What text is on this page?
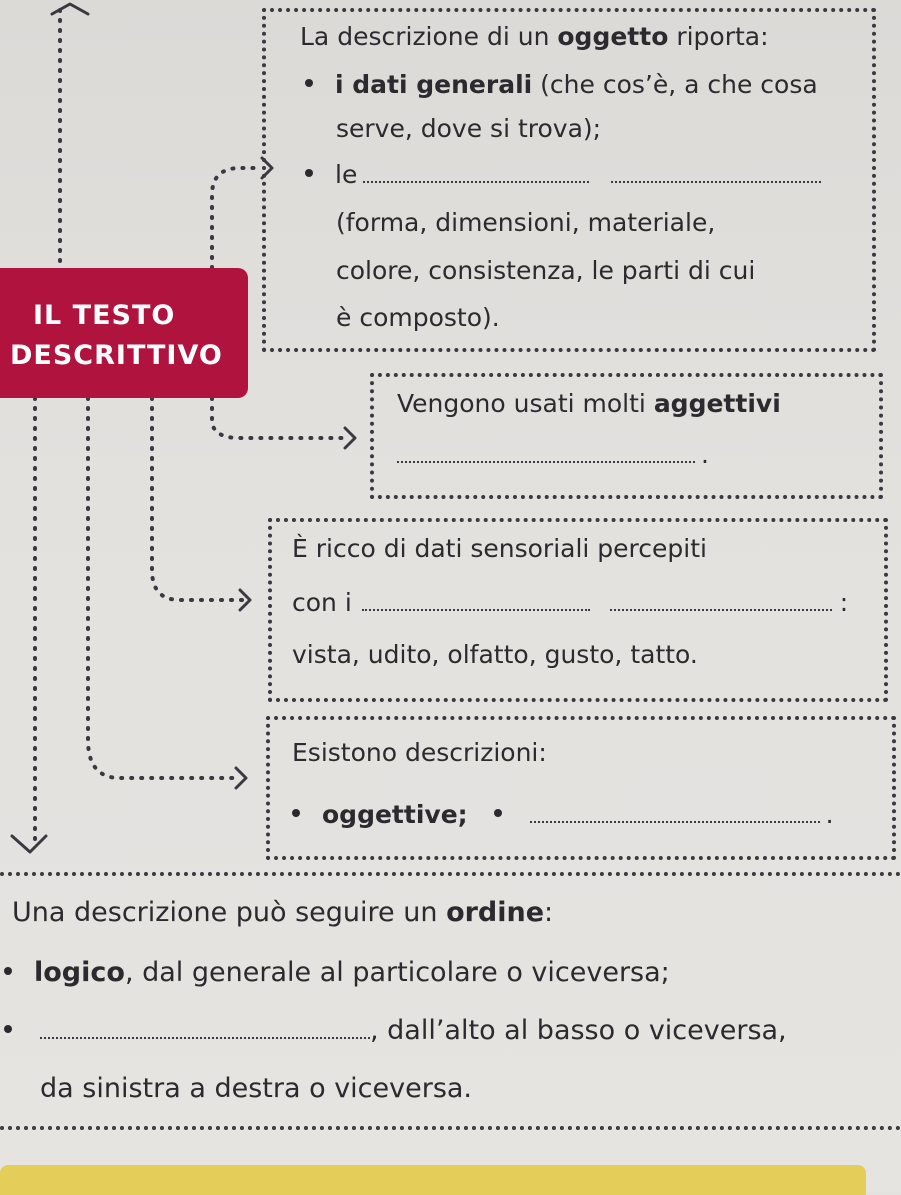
IL TESTO
DESCRITTIVO
La descrizione di un oggetto riporta:
i dati generali (che cos’è, a che cosa
serve, dove si trova);
le
(forma, dimensioni, materiale,
colore, consistenza, le parti di cui
è composto).
Vengono usati molti aggettivi
.
È ricco di dati sensoriali percepiti
con i	:
vista, udito, olfatto, gusto, tatto.
Esistono descrizioni:
oggettive;	.
Una descrizione può seguire un ordine:
logico, dal generale al particolare o viceversa;
, dall’alto al basso o viceversa,
da sinistra a destra o viceversa.
